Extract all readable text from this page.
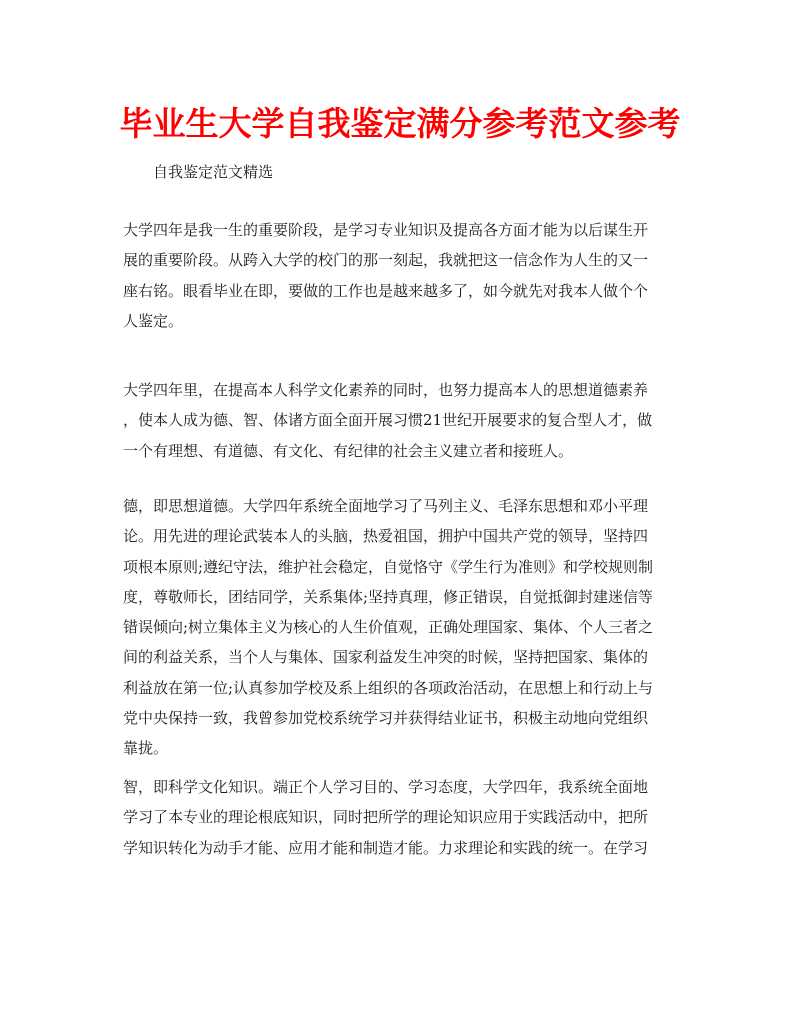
毕业生大学自我鉴定满分参考范文参考

自我鉴定范文精选

大学四年是我一生的重要阶段，是学习专业知识及提高各方面才能为以后谋生开
展的重要阶段。从跨入大学的校门的那一刻起，我就把这一信念作为人生的又一
座右铭。眼看毕业在即，要做的工作也是越来越多了，如今就先对我本人做个个
人鉴定。
大学四年里，在提高本人科学文化素养的同时，也努力提高本人的思想道德素养
，使本人成为德、智、体诸方面全面开展习惯21世纪开展要求的复合型人才，做
一个有理想、有道德、有文化、有纪律的社会主义建立者和接班人。
德，即思想道德。大学四年系统全面地学习了马列主义、毛泽东思想和邓小平理
论。用先进的理论武装本人的头脑，热爱祖国，拥护中国共产党的领导，坚持四
项根本原则;遵纪守法，维护社会稳定，自觉恪守《学生行为准则》和学校规则制
度，尊敬师长，团结同学，关系集体;坚持真理，修正错误，自觉抵御封建迷信等
错误倾向;树立集体主义为核心的人生价值观，正确处理国家、集体、个人三者之
间的利益关系，当个人与集体、国家利益发生冲突的时候，坚持把国家、集体的
利益放在第一位;认真参加学校及系上组织的各项政治活动，在思想上和行动上与
党中央保持一致，我曾参加党校系统学习并获得结业证书，积极主动地向党组织
靠拢。
智，即科学文化知识。端正个人学习目的、学习态度，大学四年，我系统全面地
学习了本专业的理论根底知识，同时把所学的理论知识应用于实践活动中，把所
学知识转化为动手才能、应用才能和制造才能。力求理论和实践的统一。在学习
